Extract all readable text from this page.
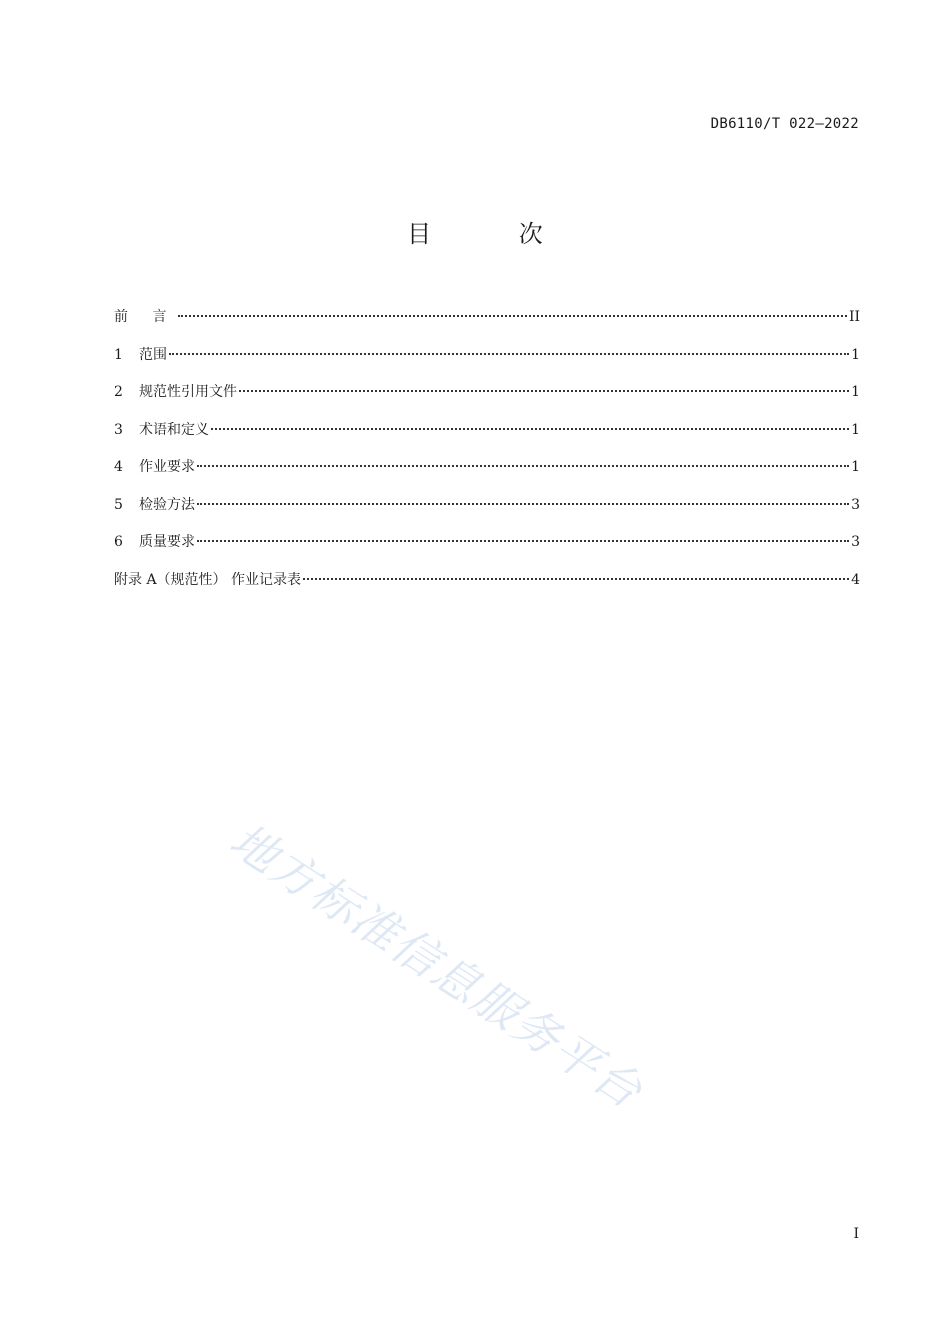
DB6110/T 022—2022
目 次
前 言	II
1	范围	1
2	规范性引用文件	1
3	术语和定义	1
4	作业要求	1
5	检验方法	3
6	质量要求	3
附录 A（规范性） 作业记录表	4
地方标准信息服务平台
I
